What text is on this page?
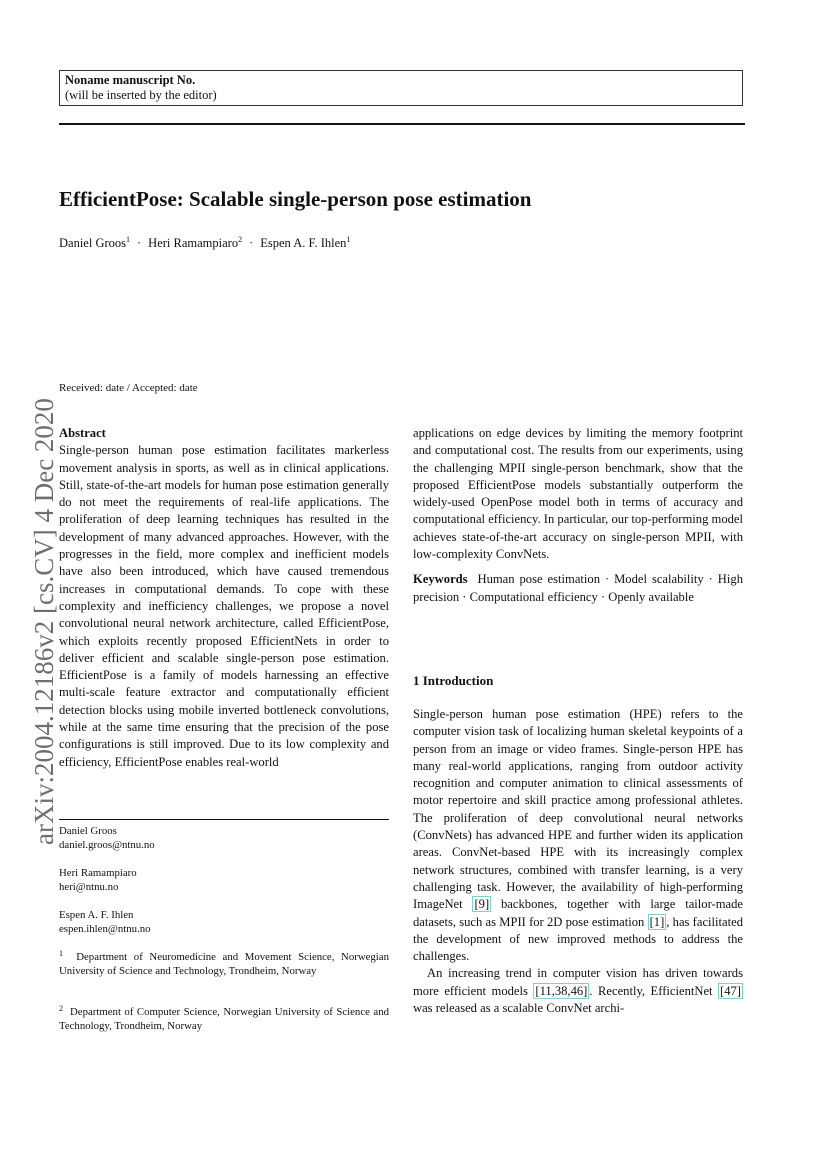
Noname manuscript No.
(will be inserted by the editor)
EfficientPose: Scalable single-person pose estimation
Daniel Groos$^1$ · Heri Ramampiaro$^2$ · Espen A. F. Ihlen$^1$
arXiv:2004.12186v2 [cs.CV] 4 Dec 2020
Received: date / Accepted: date

Abstract

Single-person human pose estimation facilitates markerless movement analysis in sports, as well as in clinical applications. Still, state-of-the-art models for human pose estimation generally do not meet the requirements of real-life applications. The proliferation of deep learning techniques has resulted in the development of many advanced approaches. However, with the progresses in the field, more complex and inefficient models have also been introduced, which have caused tremendous increases in computational demands. To cope with these complexity and inefficiency challenges, we propose a novel convolutional neural network architecture, called EfficientPose, which exploits recently proposed EfficientNets in order to deliver efficient and scalable single-person pose estimation. EfficientPose is a family of models harnessing an effective multi-scale feature extractor and computationally efficient detection blocks using mobile inverted bottleneck convolutions, while at the same time ensuring that the precision of the pose configurations is still improved. Due to its low complexity and efficiency, EfficientPose enables real-world

applications on edge devices by limiting the memory footprint and computational cost. The results from our experiments, using the challenging MPII single-person benchmark, show that the proposed EfficientPose models substantially outperform the widely-used OpenPose model both in terms of accuracy and computational efficiency. In particular, our top-performing model achieves state-of-the-art accuracy on single-person MPII, with low-complexity ConvNets.

Keywords Human pose estimation · Model scalability · High precision · Computational efficiency · Openly available

1 Introduction

Single-person human pose estimation (HPE) refers to the computer vision task of localizing human skeletal keypoints of a person from an image or video frames. Single-person HPE has many real-world applications, ranging from outdoor activity recognition and computer animation to clinical assessments of motor repertoire and skill practice among professional athletes. The proliferation of deep convolutional neural networks (ConvNets) has advanced HPE and further widen its application areas. ConvNet-based HPE with its increasingly complex network structures, combined with transfer learning, is a very challenging task. However, the availability of high-performing ImageNet [9] backbones, together with large tailor-made datasets, such as MPII for 2D pose estimation [1] , has facilitated the development of new improved methods to address the challenges.

An increasing trend in computer vision has driven towards more efficient models [11,38,46] . Recently, EfficientNet [47] was released as a scalable ConvNet archi-

Daniel Groos
daniel.groos@ntnu.no
Heri Ramampiaro
heri@ntnu.no
Espen A. F. Ihlen
espen.ihlen@ntnu.no
$^1$ Department of Neuromedicine and Movement Science, Norwegian University of Science and Technology, Trondheim, Norway
$^2$ Department of Computer Science, Norwegian University of Science and Technology, Trondheim, Norway
